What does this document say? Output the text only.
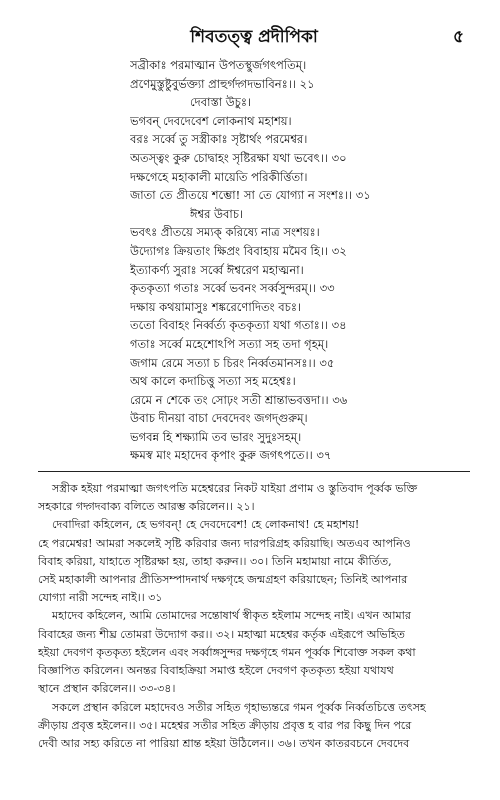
শিবতত্ত্ব প্রদীপিকা	৫
সব্রীকাঃ পরমাত্মান উপতস্থুর্জগৎপতিম্।
প্রণেমুস্তুষ্টুবুর্ভক্ত্যা প্রাহুর্গদ্গদভাবিনঃ।। ২১
দেবাস্তা উচুঃ।
ভগবন্ দেবদেবেশ লোকনাথ মহাশয়।
বরঃ সর্ব্বে তু সস্ত্রীকাঃ সৃষ্টার্থং পরমেশ্বর।
অতস্ত্বং কুরু চোদ্বাহং সৃষ্টিরক্ষা যথা ভবেৎ।। ৩০
দক্ষগেহে মহাকালী মায়েতি পরিকীর্ত্তিতা।
জাতা তে প্রীতয়ে শম্ভো! সা তে যোগ্যা ন সংশঃ।। ৩১
ঈশ্বর উবাচ।
ভবৎঃ প্রীতয়ে সম্যক্ করিষ্যে নাত্র সংশয়ঃ।
উদ্যোগঃ ক্রিয়তাং ক্ষিপ্রং বিবাহায় মমৈব হি।। ৩২
ইত্যাকর্ণ্য সুরাঃ সর্ব্বে ঈশ্বরেণ মহাত্মনা।
কৃতকৃত্যা গতাঃ সর্ব্বে ভবনং সর্ব্বসুন্দরম্।। ৩৩
দক্ষায় কথয়ামাসুঃ শঙ্করেণোদিতং বচঃ।
ততো বিবাহং নির্ব্বর্ত্য কৃতকৃত্যা যথা গতাঃ।। ৩৪
গতাঃ সর্ব্বে মহেশোঽপি সত্যা সহ তদা গৃহম্।
জগাম রেমে সত্যা চ চিরং নির্ব্বতমানসঃ।। ৩৫
অথ কালে কদাচিত্তু সত্যা সহ মহেশ্বঃ।
রেমে ন শেকে তং সোঢ়ং সতী শ্রান্তাভবত্তদা।। ৩৬
উবাচ দীনয়া বাচা দেবদেবং জগদ্গুরুম্।
ভগবন্ন হি শক্ষ্যামি তব ভারং সুদুঃসহম্।
ক্ষমস্ব মাং মহাদেব কৃপাং কুরু জগৎপতে।। ৩৭
সস্ত্রীক হইয়া পরমাত্মা জগৎপতি মহেশ্বরের নিকট যাইয়া প্রণাম ও স্তুতিবাদ পূর্ব্বক ভক্তি
সহকারে গদ্গদবাক্য বলিতে আরম্ভ করিলেন।। ২১।
দেবাদিরা কহিলেন, হে ভগবন্! হে দেবদেবেশ! হে লোকনাথ! হে মহাশয়!
হে পরমেশ্বর! আমরা সকলেই সৃষ্টি করিবার জন্য দারপরিগ্রহ করিয়াছি। অতএব আপনিও
বিবাহ করিয়া, যাহাতে সৃষ্টিরক্ষা হয়, তাহা করুন।। ৩০। তিনি মহামায়া নামে কীর্তিত,
সেই মহাকালী আপনার প্রীতিসম্পাদনার্থ দক্ষগৃহে জন্মগ্রহণ করিয়াছেন; তিনিই আপনার
যোগ্যা নারী সন্দেহ নাই।। ৩১
মহাদেব কহিলেন, আমি তোমাদের সন্তোষার্থ স্বীকৃত হইলাম সন্দেহ নাই। এখন আমার
বিবাহের জন্য শীঘ্র তোমরা উদ্যোগ কর।। ৩২। মহাত্মা মহেশ্বর কর্তৃক এইরূপে অভিহিত
হইয়া দেবগণ কৃতকৃত্য হইলেন এবং সর্ব্বাঙ্গসুন্দর দক্ষগৃহে গমন পূর্ব্বক শিবোক্ত সকল কথা
বিজ্ঞাপিত করিলেন। অনন্তর বিবাহক্রিয়া সমাপ্ত হইলে দেবগণ কৃতকৃত্য হইয়া যথাযথ
স্থানে প্রস্থান করিলেন।। ৩৩-৩৪।
সকলে প্রস্থান করিলে মহাদেবও সতীর সহিত গৃহাভ্যন্তরে গমন পূর্ব্বক নির্ব্বতচিত্তে তৎসহ
ক্রীড়ায় প্রবৃত্ত হইলেন।। ৩৫। মহেশ্বর সতীর সহিত ক্রীড়ায় প্রবৃত্ত হ বার পর কিছু দিন পরে
দেবী আর সহ্য করিতে না পারিয়া শ্রান্ত হইয়া উঠিলেন।। ৩৬। তখন কাতরবচনে দেবদেব
